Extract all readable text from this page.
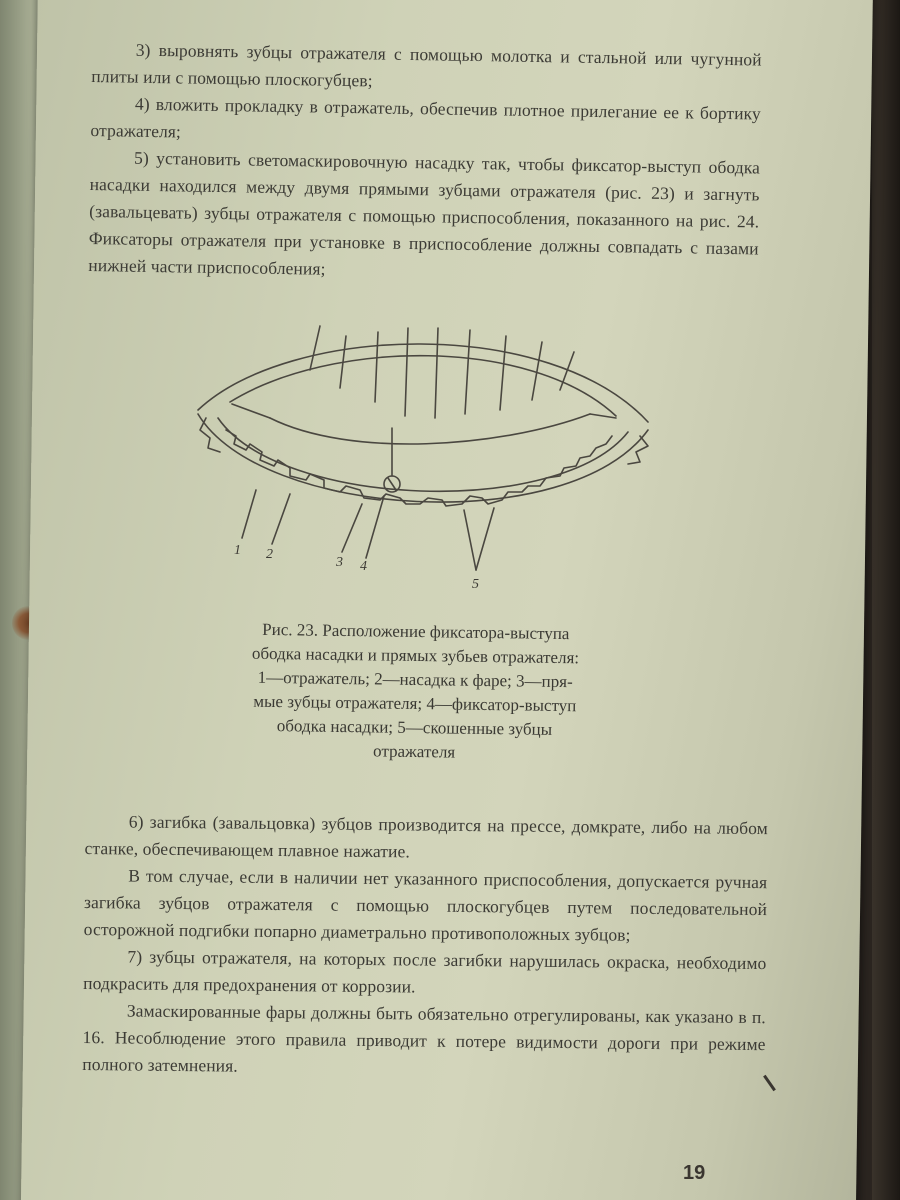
3) выровнять зубцы отражателя с помощью молотка и стальной или чугунной плиты или с помощью плоскогубцев;

4) вложить прокладку в отражатель, обеспечив плотное прилегание ее к бортику отражателя;

5) установить светомаскировочную насадку так, чтобы фиксатор-выступ ободка насадки находился между двумя прямыми зубцами отражателя (рис. 23) и загнуть (завальцевать) зубцы отражателя с помощью приспособления, показанного на рис. 24. Фиксаторы отражателя при установке в приспособление должны совпадать с пазами нижней части приспособления;

1 2
3 4
5
Рис. 23. Расположение фиксатора-выступа
ободка насадки и прямых зубьев отражателя:
1—отражатель; 2—насадка к фаре; 3—пря-
мые зубцы отражателя; 4—фиксатор-выступ
ободка насадки; 5—скошенные зубцы
отражателя

6) загибка (завальцовка) зубцов производится на прессе, домкрате, либо на любом станке, обеспечивающем плавное нажатие.

В том случае, если в наличии нет указанного приспособления, допускается ручная загибка зубцов отражателя с помощью плоскогубцев путем последовательной осторожной подгибки попарно диаметрально противоположных зубцов;

7) зубцы отражателя, на которых после загибки нарушилась окраска, необходимо подкрасить для предохранения от коррозии.

Замаскированные фары должны быть обязательно отрегулированы, как указано в п. 16. Несоблюдение этого правила приводит к потере видимости дороги при режиме полного затемнения.

19
